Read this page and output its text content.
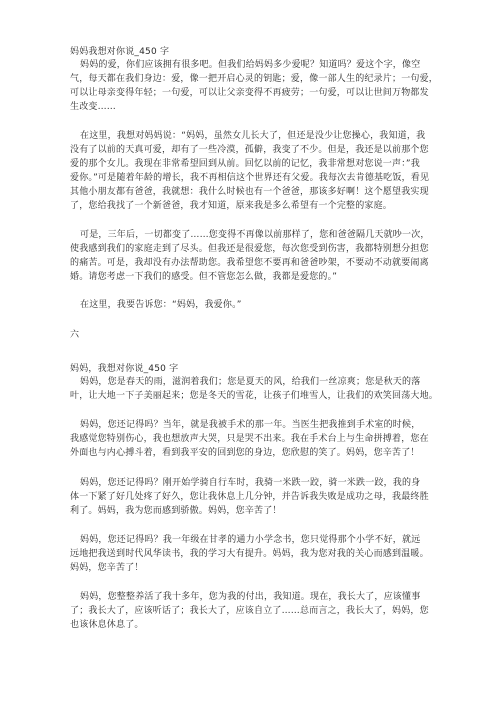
妈妈我想对你说_450 字
妈妈的爱，你们应该拥有很多吧。但我们给妈妈多少爱呢？知道吗？爱这个字，像空
气，每天都在我们身边：爱，像一把开启心灵的钥匙；爱，像一部人生的纪录片；一句爱，
可以让母亲变得年轻；一句爱，可以让父亲变得不再疲劳；一句爱，可以让世间万物都发
生改变……
在这里，我想对妈妈说：“妈妈，虽然女儿长大了，但还是没少让您操心，我知道，我
没有了以前的天真可爱，却有了一些冷漠，孤僻，我变了不少。但是，我还是以前那个您
爱的那个女儿。我现在非常希望回到从前。回忆以前的记忆，我非常想对您说一声：”我
爱你。”可是随着年龄的增长，我不再相信这个世界还有父爱。我每次去肯德基吃饭，看见
其他小朋友都有爸爸，我就想：我什么时候也有一个爸爸，那该多好啊！这个愿望我实现
了，您给我找了一个新爸爸，我才知道，原来我是多么希望有一个完整的家庭。
可是，三年后，一切都变了……您变得不再像以前那样了，您和爸爸隔几天就吵一次，
使我感到我们的家庭走到了尽头。但我还是很爱您，每次您受到伤害，我都特别想分担您
的痛苦。可是，我却没有办法帮助您。我希望您不要再和爸爸吵架，不要动不动就要闹离
婚。请您考虑一下我们的感受。但不管您怎么做，我都是爱您的。”
在这里，我要告诉您：“妈妈，我爱你。”
六
妈妈，我想对你说_450 字
妈妈，您是春天的雨，滋润着我们；您是夏天的风，给我们一丝凉爽；您是秋天的落
叶，让大地一下子美丽起来；您是冬天的雪花，让孩子们堆雪人，让我们的欢笑回荡大地。
妈妈，您还记得吗？当年，就是我被手术的那一年。当医生把我推到手术室的时候，
我感觉您特别伤心，我也想放声大哭，只是哭不出来。我在手术台上与生命拼搏着，您在
外面也与内心搏斗着，看到我平安的回到您的身边，您欣慰的笑了。妈妈，您辛苦了！
妈妈，您还记得吗？刚开始学骑自行车时，我骑一米跌一跤，骑一米跌一跤，我的身
体一下紧了好几处疼了好久，您让我休息上几分钟，并告诉我失败是成功之母，我最终胜
利了。妈妈，我为您而感到骄傲。妈妈，您辛苦了！
妈妈，您还记得吗？我一年级在甘孝的通力小学念书，您只觉得那个小学不好，就远
远地把我送到时代风华读书，我的学习大有提升。妈妈，我为您对我的关心而感到温暖。
妈妈，您辛苦了！
妈妈，您整整养活了我十多年，您为我的付出，我知道。现在，我长大了，应该懂事
了；我长大了，应该听话了；我长大了，应该自立了……总而言之，我长大了，妈妈，您
也该休息休息了。
